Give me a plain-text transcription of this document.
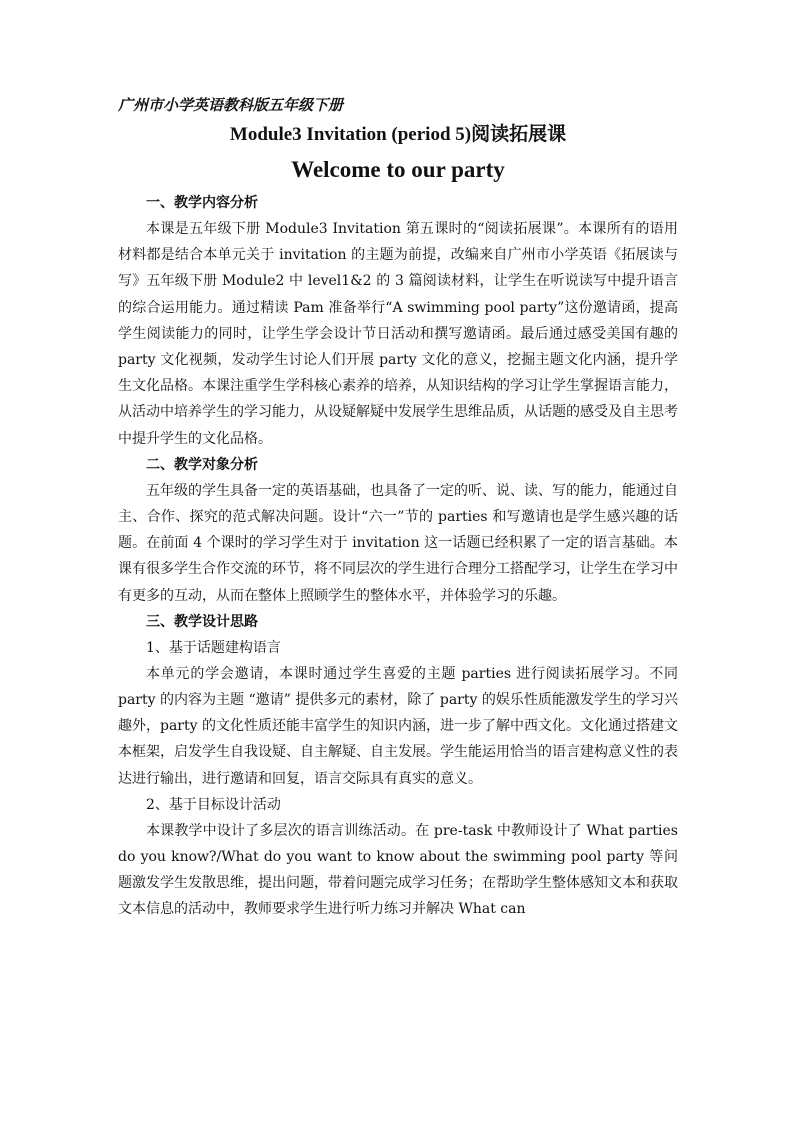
广州市小学英语教科版五年级下册

Module3 Invitation (period 5)阅读拓展课

Welcome to our party

一、教学内容分析

本课是五年级下册 Module3 Invitation 第五课时的“阅读拓展课”。本课所有的语用材料都是结合本单元关于 invitation 的主题为前提，改编来自广州市小学英语《拓展读与写》五年级下册 Module2 中 level1&2 的 3 篇阅读材料，让学生在听说读写中提升语言的综合运用能力。通过精读 Pam 准备举行“A swimming pool party”这份邀请函，提高学生阅读能力的同时，让学生学会设计节日活动和撰写邀请函。最后通过感受美国有趣的 party 文化视频，发动学生讨论人们开展 party 文化的意义，挖掘主题文化内涵，提升学生文化品格。本课注重学生学科核心素养的培养，从知识结构的学习让学生掌握语言能力，从活动中培养学生的学习能力，从设疑解疑中发展学生思维品质，从话题的感受及自主思考中提升学生的文化品格。

二、教学对象分析

五年级的学生具备一定的英语基础，也具备了一定的听、说、读、写的能力，能通过自主、合作、探究的范式解决问题。设计“六一”节的 parties 和写邀请也是学生感兴趣的话题。在前面 4 个课时的学习学生对于 invitation 这一话题已经积累了一定的语言基础。本课有很多学生合作交流的环节，将不同层次的学生进行合理分工搭配学习，让学生在学习中有更多的互动，从而在整体上照顾学生的整体水平，并体验学习的乐趣。

三、教学设计思路

1、基于话题建构语言

本单元的学会邀请，本课时通过学生喜爱的主题 parties 进行阅读拓展学习。不同 party 的内容为主题 “邀请” 提供多元的素材，除了 party 的娱乐性质能激发学生的学习兴趣外，party 的文化性质还能丰富学生的知识内涵，进一步了解中西文化。文化通过搭建文本框架，启发学生自我设疑、自主解疑、自主发展。学生能运用恰当的语言建构意义性的表达进行输出，进行邀请和回复，语言交际具有真实的意义。

2、基于目标设计活动

本课教学中设计了多层次的语言训练活动。在 pre-task 中教师设计了 What parties do you know?/What do you want to know about the swimming pool party 等问题激发学生发散思维，提出问题，带着问题完成学习任务；在帮助学生整体感知文本和获取文本信息的活动中，教师要求学生进行听力练习并解决 What can
